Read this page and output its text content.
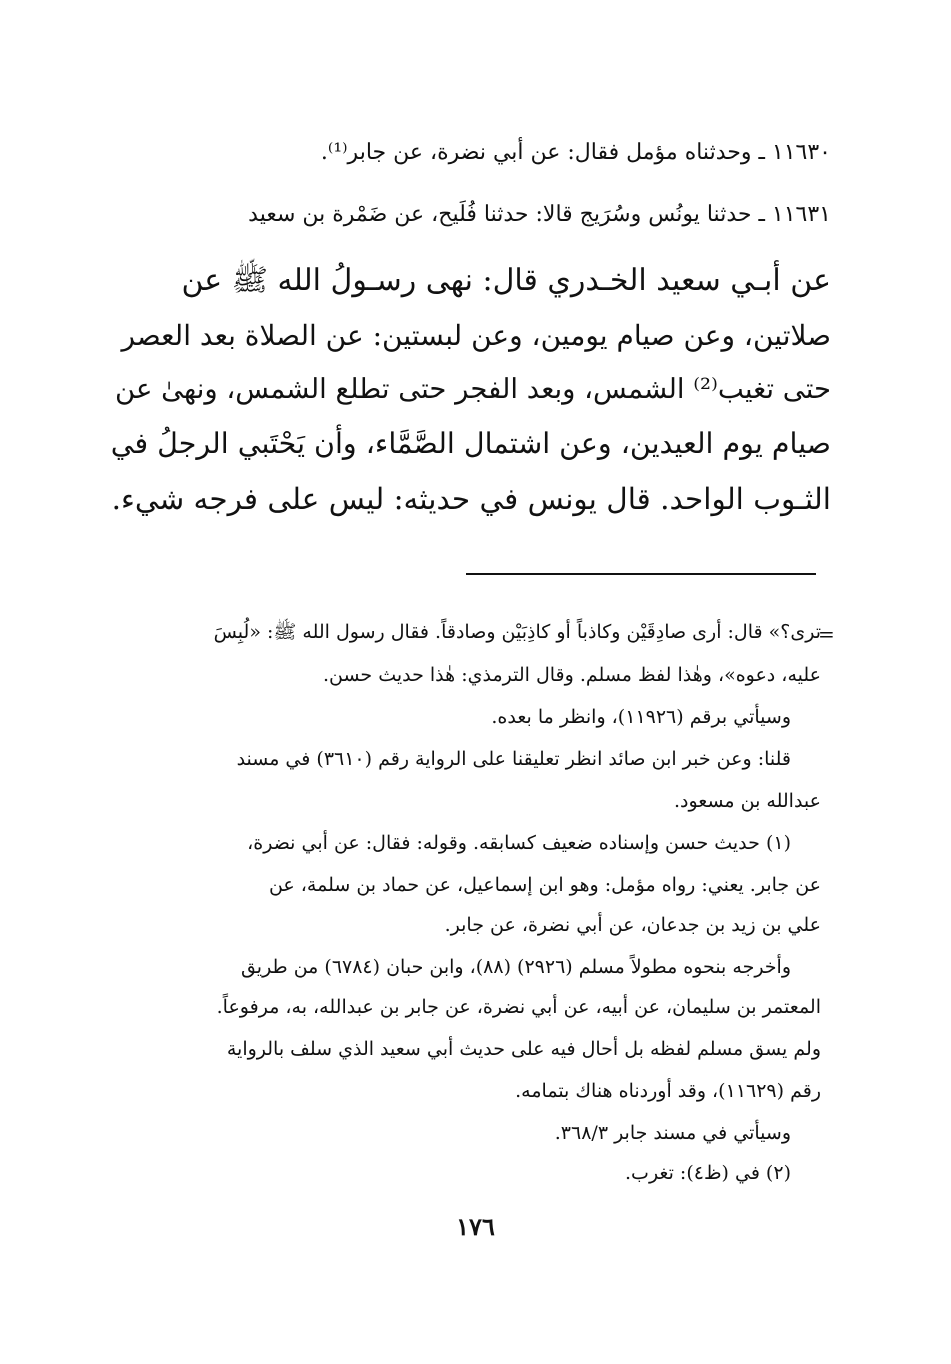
١١٦٣٠ ـ وحدثناه مؤمل فقال: عن أبي نضرة، عن جابر⁽¹⁾.
١١٦٣١ ـ حدثنا يونُس وسُرَيج قالا: حدثنا فُلَيح، عن ضَمْرة بن سعيد
عن أبـي سعيد الخـدري قال: نهى رسـولُ الله ﷺ عن
صلاتين، وعن صيام يومين، وعن لبستين: عن الصلاة بعد العصر
حتى تغيب⁽²⁾ الشمس، وبعد الفجر حتى تطلع الشمس، ونهىٰ عن
صيام يوم العيدين، وعن اشتمال الصَّمَّاء، وأن يَحْتَبي الرجلُ في
الثـوب الواحد. قال يونس في حديثه: ليس على فرجه شيء.
=
ترى؟» قال: أرى صادِقَيْن وكاذباً أو كاذِبَيْن وصادقاً. فقال رسول الله ﷺ: «لُبِسَ
عليه، دعوه»، وهٰذا لفظ مسلم. وقال الترمذي: هٰذا حديث حسن.
وسيأتي برقم (١١٩٢٦)، وانظر ما بعده.
قلنا: وعن خبر ابن صائد انظر تعليقنا على الرواية رقم (٣٦١٠) في مسند
عبدالله بن مسعود.
(١) حديث حسن وإسناده ضعيف كسابقه. وقوله: فقال: عن أبي نضرة،
عن جابر. يعني: رواه مؤمل: وهو ابن إسماعيل، عن حماد بن سلمة، عن
علي بن زيد بن جدعان، عن أبي نضرة، عن جابر.
وأخرجه بنحوه مطولاً مسلم (٢٩٢٦) (٨٨)، وابن حبان (٦٧٨٤) من طريق
المعتمر بن سليمان، عن أبيه، عن أبي نضرة، عن جابر بن عبدالله، به، مرفوعاً.
ولم يسق مسلم لفظه بل أحال فيه على حديث أبي سعيد الذي سلف بالرواية
رقم (١١٦٢٩)، وقد أوردناه هناك بتمامه.
وسيأتي في مسند جابر ٣٦٨/٣.
(٢) في (ظ٤): تغرب.
١٧٦
